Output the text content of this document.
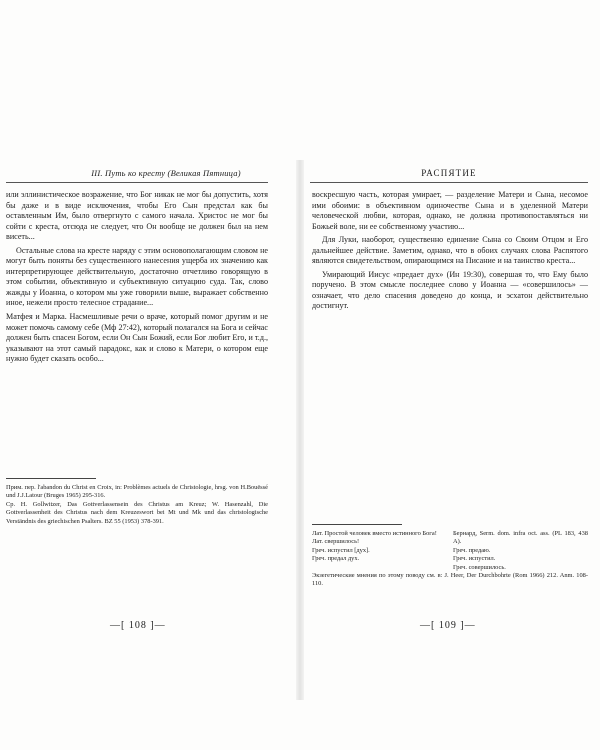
III. Путь ко кресту (Великая Пятница)

или эллинистическое возражение, что Бог никак не мог бы допустить, хотя бы даже и в виде исключения, чтобы Его Сын предстал как бы оставленным Им, было отвергнуто с самого начала. Христос не мог бы сойти с креста, отсюда не следует, что Он вообще не должен был на нем висеть...

Остальные слова на кресте наряду с этим основополагающим словом не могут быть поняты без существенного нанесения ущерба их значению как интерпретирующее действительную, достаточно отчетливо говорящую в этом событии, объективную и субъективную ситуацию суда. Так, слово жажды у Иоанна, о котором мы уже говорили выше, выражает собственно иное, нежели просто телесное страдание...

Матфея и Марка. Насмешливые речи о враче, который помог другим и не может помочь самому себе (Мф 27:42), который полагался на Бога и сейчас должен быть спасен Богом, если Он Сын Божий, если Бог любит Его, и т.д., указывают на этот самый парадокс, как и слово к Матери, о котором еще нужно будет сказать особо...

Прим. пер. l'abandon du Christ en Croix, in: Problèmes actuels de Christologie, hrsg. von H.Bouëssé und J.J.Latour (Bruges 1965) 295-316.

Ср. H. Gollwitzer, Das Gottverlassensein des Christus am Kreuz; W. Hasenzahl, Die Gottverlassenheit des Christus nach dem Kreuzeswort bei Mt und Mk und das christologische Verständnis des griechischen Psalters. BZ 55 (1953) 378-391.

—[ 108 ]—
РАСПЯТИЕ

воскресшую часть, которая умирает, — разделение Матери и Сына, несомое ими обоими: в объективном одиночестве Сына и в уделенной Матери человеческой любви, которая, однако, не должна противопоставляться ни Божьей воле, ни ее собственному участию...

Для Луки, наоборот, существенно единение Сына со Своим Отцом и Его дальнейшее действие. Заметим, однако, что в обоих случаях слова Распятого являются свидетельством, опирающимся на Писание и на таинство креста...

Умирающий Иисус «предает дух» (Ин 19:30), совершая то, что Ему было поручено. В этом смысле последнее слово у Иоанна — «совершилось» — означает, что дело спасения доведено до конца, и эсхатон действительно достигнут.

Лат. Простой человек вместо истинного Бога!

Лат. свершилось!

Греч. испустил [дух].

Греч. предал дух.

Бернард, Serm. dom. infra oct. ass. (PL 183, 438 A).

Греч. предаю.

Греч. испустил.

Греч. совершилось.

Экзегетические мнения по этому поводу см. в: J. Heer, Der Durchbohrte (Rom 1966) 212. Anm. 108-110.

—[ 109 ]—
